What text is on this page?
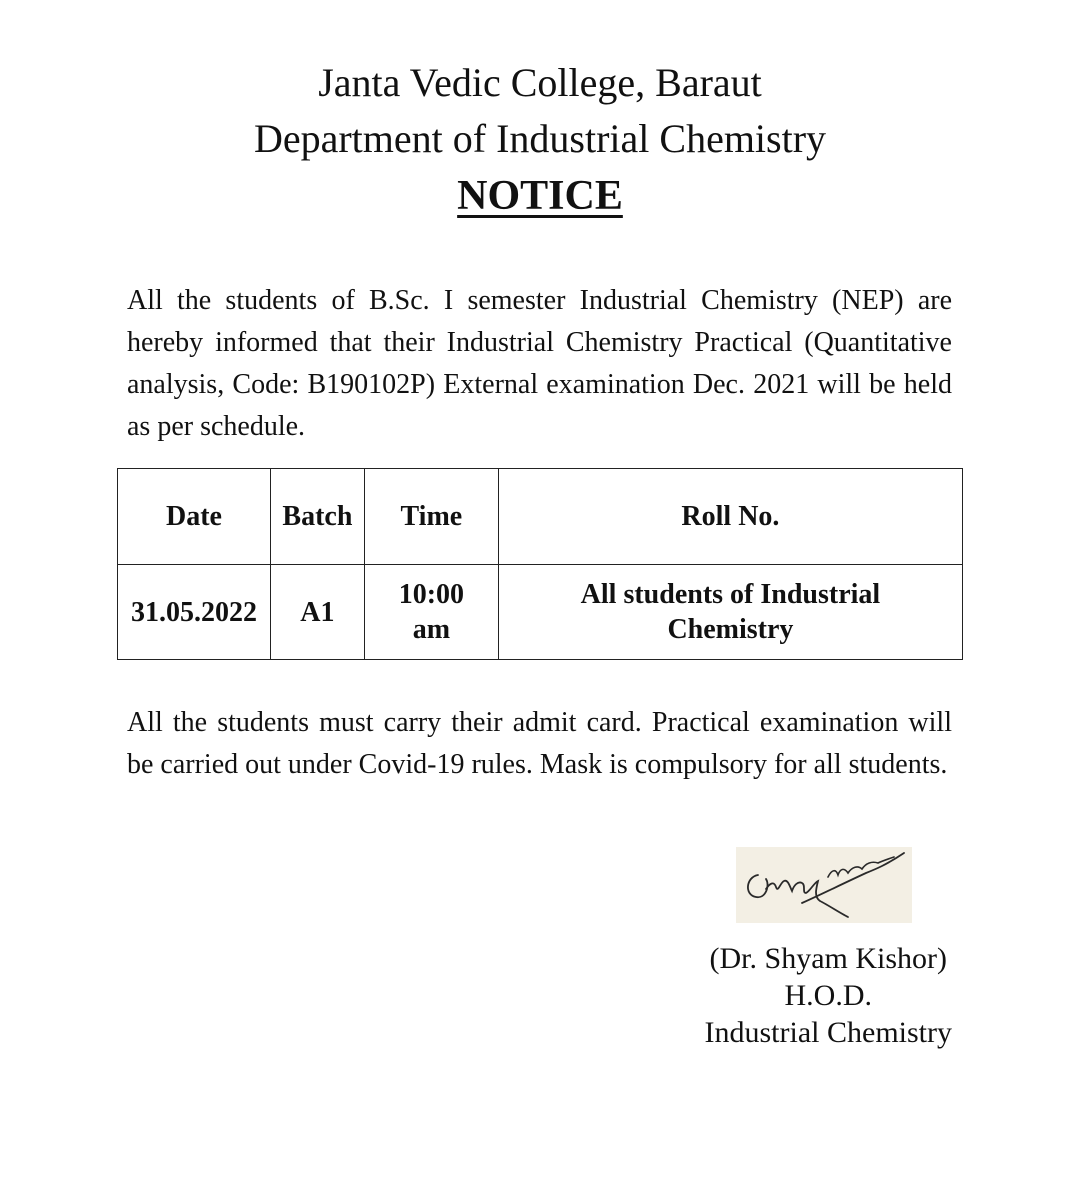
Janta Vedic College, Baraut
Department of Industrial Chemistry
NOTICE

All the students of B.Sc. I semester Industrial Chemistry (NEP) are hereby informed that their Industrial Chemistry Practical (Quantitative analysis, Code: B190102P) External examination Dec. 2021 will be held as per schedule.

Date	Batch	Time	Roll No.
31.05.2022	A1	10:00 am	All students of Industrial Chemistry

All the students must carry their admit card. Practical examination will be carried out under Covid-19 rules. Mask is compulsory for all students.

(Dr. Shyam Kishor)
H.O.D.
Industrial Chemistry
